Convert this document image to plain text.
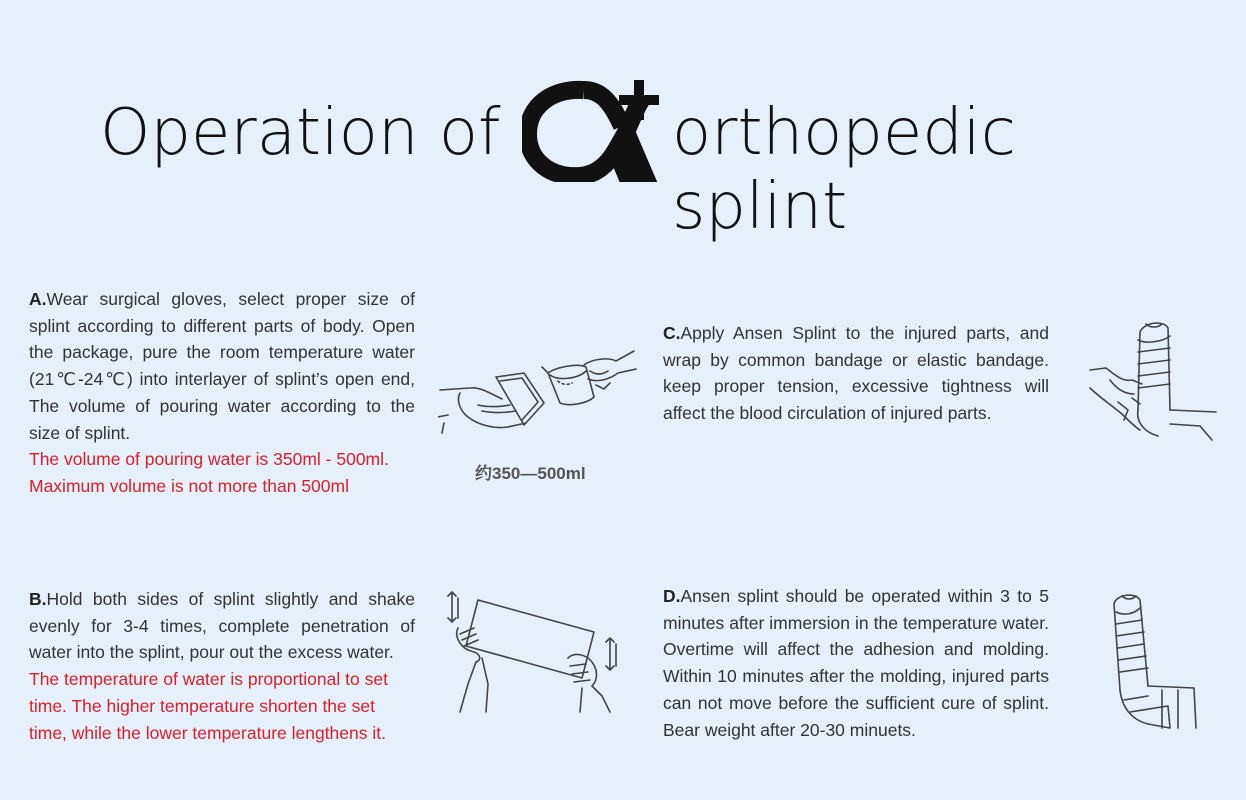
Operation of	orthopedic splint
A.Wear surgical gloves, select proper size of splint according to different parts of body. Open the package, pure the room temperature water (21℃-24℃) into interlayer of splint’s open end, The volume of pouring water according to the size of splint.
The volume of pouring water is 350ml - 500ml.
Maximum volume is not more than 500ml
约350—500ml
B.Hold both sides of splint slightly and shake evenly for 3-4 times, complete penetration of water into the splint, pour out the excess water.
The temperature of water is proportional to set time. The higher temperature shorten the set time, while the lower temperature lengthens it.
C.Apply Ansen Splint to the injured parts, and wrap by common bandage or elastic bandage. keep proper tension, excessive tightness will affect the blood circulation of injured parts.
D.Ansen splint should be operated within 3 to 5 minutes after immersion in the temperature water. Overtime will affect the adhesion and molding. Within 10 minutes after the molding, injured parts can not move before the sufficient cure of splint. Bear weight after 20-30 minuets.
